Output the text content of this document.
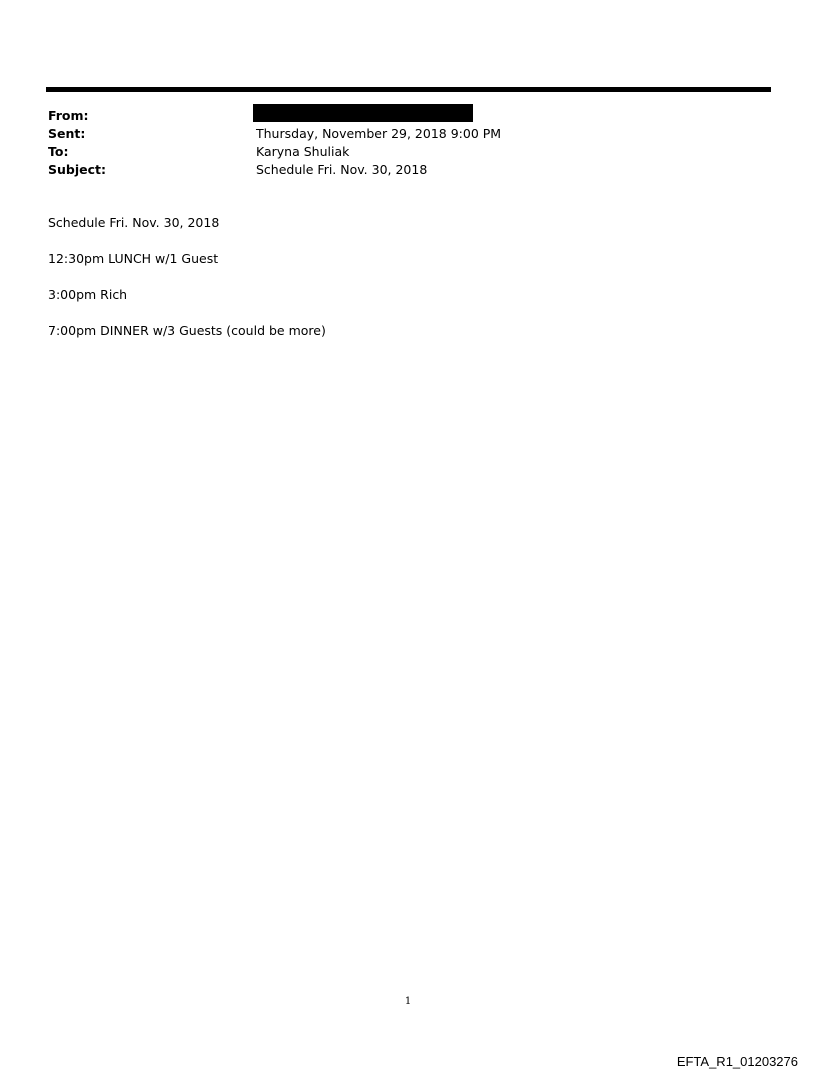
From:
Sent:	Thursday, November 29, 2018 9:00 PM
To:	Karyna Shuliak
Subject:	Schedule Fri. Nov. 30, 2018

Schedule Fri. Nov. 30, 2018

12:30pm LUNCH w/1 Guest

3:00pm Rich

7:00pm DINNER w/3 Guests (could be more)

1
EFTA_R1_01203276
